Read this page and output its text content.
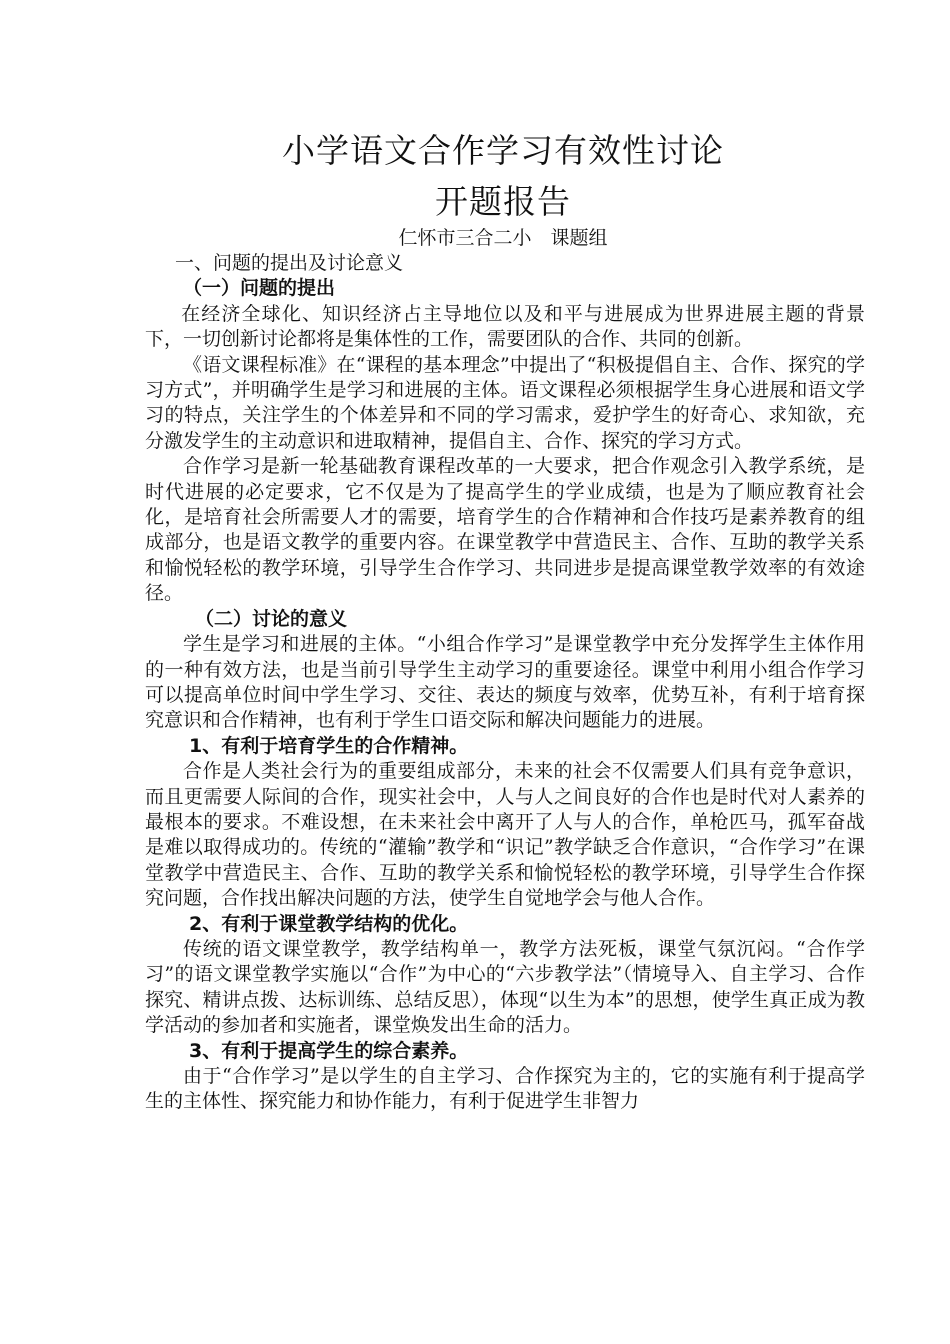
小学语文合作学习有效性讨论
开题报告
仁怀市三合二小　课题组
一、问题的提出及讨论意义
（一）问题的提出

在经济全球化、知识经济占主导地位以及和平与进展成为世界进展主题的背景下，一切创新讨论都将是集体性的工作，需要团队的合作、共同的创新。

《语文课程标准》在“课程的基本理念”中提出了“积极提倡自主、合作、探究的学习方式”，并明确学生是学习和进展的主体。语文课程必须根据学生身心进展和语文学习的特点，关注学生的个体差异和不同的学习需求，爱护学生的好奇心、求知欲，充分激发学生的主动意识和进取精神，提倡自主、合作、探究的学习方式。

合作学习是新一轮基础教育课程改革的一大要求，把合作观念引入教学系统，是时代进展的必定要求，它不仅是为了提高学生的学业成绩，也是为了顺应教育社会化，是培育社会所需要人才的需要，培育学生的合作精神和合作技巧是素养教育的组成部分，也是语文教学的重要内容。在课堂教学中营造民主、合作、互助的教学关系和愉悦轻松的教学环境，引导学生合作学习、共同进步是提高课堂教学效率的有效途径。

（二）讨论的意义

学生是学习和进展的主体。“小组合作学习”是课堂教学中充分发挥学生主体作用的一种有效方法，也是当前引导学生主动学习的重要途径。课堂中利用小组合作学习可以提高单位时间中学生学习、交往、表达的频度与效率，优势互补，有利于培育探究意识和合作精神，也有利于学生口语交际和解决问题能力的进展。

1、有利于培育学生的合作精神。

合作是人类社会行为的重要组成部分，未来的社会不仅需要人们具有竞争意识，而且更需要人际间的合作，现实社会中，人与人之间良好的合作也是时代对人素养的最根本的要求。不难设想，在未来社会中离开了人与人的合作，单枪匹马，孤军奋战是难以取得成功的。传统的“灌输”教学和“识记”教学缺乏合作意识，“合作学习”在课堂教学中营造民主、合作、互助的教学关系和愉悦轻松的教学环境，引导学生合作探究问题，合作找出解决问题的方法，使学生自觉地学会与他人合作。

2、有利于课堂教学结构的优化。

传统的语文课堂教学，教学结构单一，教学方法死板，课堂气氛沉闷。“合作学习”的语文课堂教学实施以“合作”为中心的“六步教学法”（情境导入、自主学习、合作探究、精讲点拨、达标训练、总结反思），体现“以生为本”的思想，使学生真正成为教学活动的参加者和实施者，课堂焕发出生命的活力。

3、有利于提高学生的综合素养。

由于“合作学习”是以学生的自主学习、合作探究为主的，它的实施有利于提高学生的主体性、探究能力和协作能力，有利于促进学生非智力
